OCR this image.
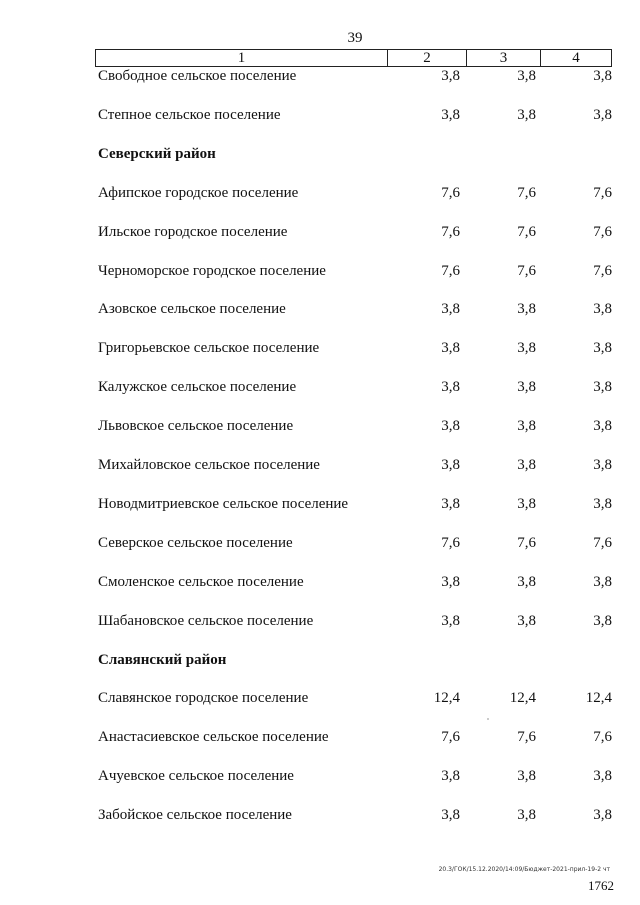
39
1	2	3	4
Свободное сельское поселение	3,8	3,8	3,8
Степное сельское поселение	3,8	3,8	3,8
Северский район
Афипское городское поселение	7,6	7,6	7,6
Ильское городское поселение	7,6	7,6	7,6
Черноморское городское поселение	7,6	7,6	7,6
Азовское сельское поселение	3,8	3,8	3,8
Григорьевское сельское поселение	3,8	3,8	3,8
Калужское сельское поселение	3,8	3,8	3,8
Львовское сельское поселение	3,8	3,8	3,8
Михайловское сельское поселение	3,8	3,8	3,8
Новодмитриевское сельское поселение	3,8	3,8	3,8
Северское сельское поселение	7,6	7,6	7,6
Смоленское сельское поселение	3,8	3,8	3,8
Шабановское сельское поселение	3,8	3,8	3,8
Славянский район
Славянское городское поселение	12,4	12,4	12,4
Анастасиевское сельское поселение	7,6	7,6	7,6
Ачуевское сельское поселение	3,8	3,8	3,8
Забойское сельское поселение	3,8	3,8	3,8
20.3/ГОК/15.12.2020/14:09/Бюджет-2021-прил-19-2 чт
1762
